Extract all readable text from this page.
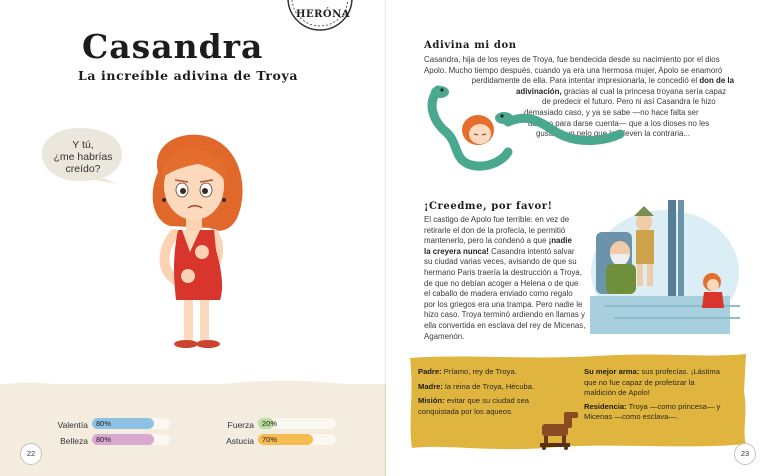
HERÓNA
Casandra
La increíble adivina de Troya
Y tú,
¿me habrías
creído?
Valentía 80%
Belleza 80%
Fuerza 20%
Astucia 70%
22
Adivina mi don
Casandra, hija de los reyes de Troya, fue bendecida desde su nacimiento por el dios
Apolo. Mucho tiempo después, cuando ya era una hermosa mujer, Apolo se enamoró
perdidamente de ella. Para intentar impresionarla, le concedió el don de la
adivinación, gracias al cual la princesa troyana sería capaz
de predecir el futuro. Pero ni así Casandra le hizo
demasiado caso, y ya se sabe —no hace falta ser
adivino para darse cuenta— que a los dioses no les
gusta ni un pelo que les lleven la contraria...
¡Creedme, por favor!
El castigo de Apolo fue terrible: en vez de
retirarle el don de la profecía, le permitió
mantenerlo, pero la condenó a que ¡nadie
la creyera nunca! Casandra intentó salvar
su ciudad varias veces, avisando de que su
hermano Paris traería la destrucción a Troya,
de que no debían acoger a Helena o de que
el caballo de madera enviado como regalo
por los griegos era una trampa. Pero nadie le
hizo caso. Troya terminó ardiendo en llamas y
ella convertida en esclava del rey de Micenas,
Agamenón.
Padre: Príamo, rey de Troya.
Madre: la reina de Troya, Hécuba.
Misión: evitar que su ciudad sea
conquistada por los aqueos.
Su mejor arma: sus profecías. ¡Lástima
que no fue capaz de profetizar la
maldición de Apolo!
Residencia: Troya —como princesa— y
Micenas —como esclava—.
23
